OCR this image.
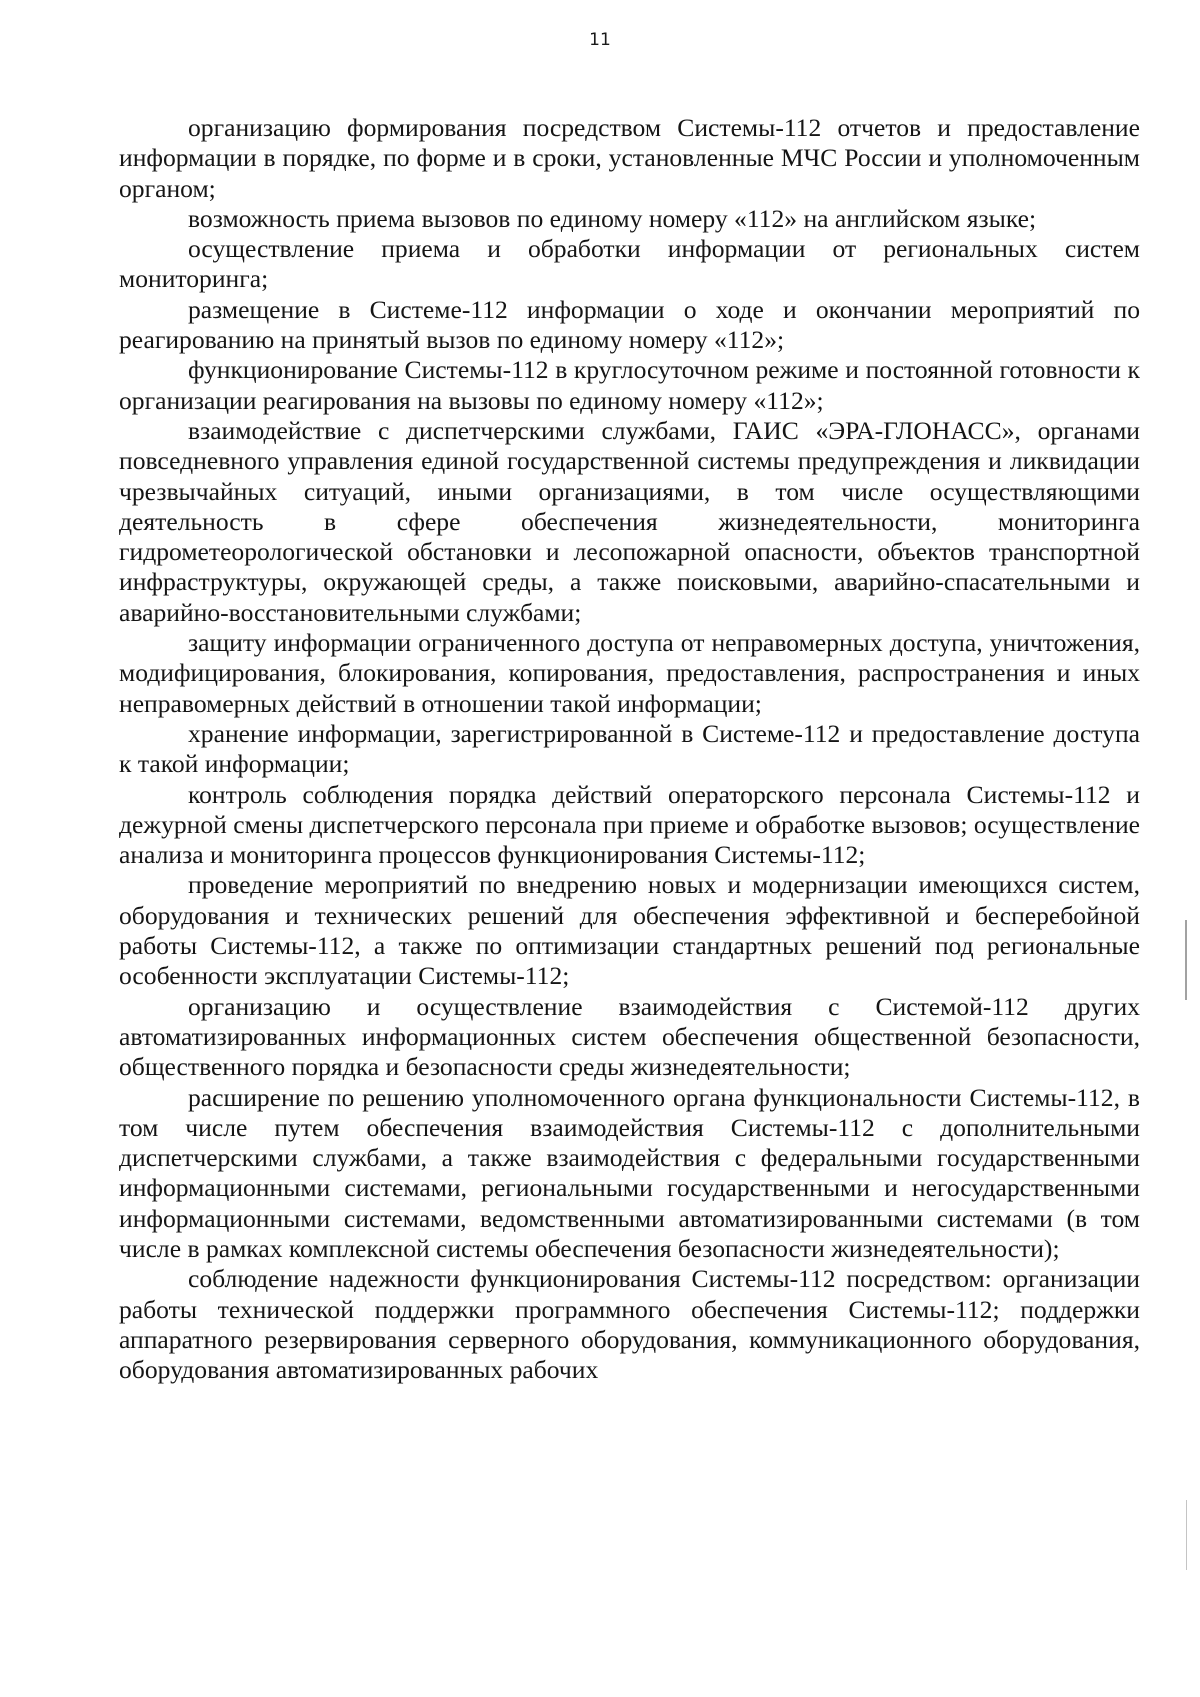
11

организацию формирования посредством Системы-112 отчетов и предоставление информации в порядке, по форме и в сроки, установленные МЧС России и уполномоченным органом;

возможность приема вызовов по единому номеру «112» на английском языке;

осуществление приема и обработки информации от региональных систем мониторинга;

размещение в Системе-112 информации о ходе и окончании мероприятий по реагированию на принятый вызов по единому номеру «112»;

функционирование Системы-112 в круглосуточном режиме и постоянной готовности к организации реагирования на вызовы по единому номеру «112»;

взаимодействие с диспетчерскими службами, ГАИС «ЭРА-ГЛОНАСС», органами повседневного управления единой государственной системы предупреждения и ликвидации чрезвычайных ситуаций, иными организациями, в том числе осуществляющими деятельность в сфере обеспечения жизнедеятельности, мониторинга гидрометеорологической обстановки и лесопожарной опасности, объектов транспортной инфраструктуры, окружающей среды, а также поисковыми, аварийно-спасательными и аварийно-восстановительными службами;

защиту информации ограниченного доступа от неправомерных доступа, уничтожения, модифицирования, блокирования, копирования, предоставления, распространения и иных неправомерных действий в отношении такой информации;

хранение информации, зарегистрированной в Системе-112 и предоставление доступа к такой информации;

контроль соблюдения порядка действий операторского персонала Системы-112 и дежурной смены диспетчерского персонала при приеме и обработке вызовов; осуществление анализа и мониторинга процессов функционирования Системы-112;

проведение мероприятий по внедрению новых и модернизации имеющихся систем, оборудования и технических решений для обеспечения эффективной и бесперебойной работы Системы-112, а также по оптимизации стандартных решений под региональные особенности эксплуатации Системы-112;

организацию и осуществление взаимодействия с Системой-112 других автоматизированных информационных систем обеспечения общественной безопасности, общественного порядка и безопасности среды жизнедеятельности;

расширение по решению уполномоченного органа функциональности Системы-112, в том числе путем обеспечения взаимодействия Системы-112 с дополнительными диспетчерскими службами, а также взаимодействия с федеральными государственными информационными системами, региональными государственными и негосударственными информационными системами, ведомственными автоматизированными системами (в том числе в рамках комплексной системы обеспечения безопасности жизнедеятельности);

соблюдение надежности функционирования Системы-112 посредством: организации работы технической поддержки программного обеспечения Системы-112; поддержки аппаратного резервирования серверного оборудования, коммуникационного оборудования, оборудования автоматизированных рабочих
